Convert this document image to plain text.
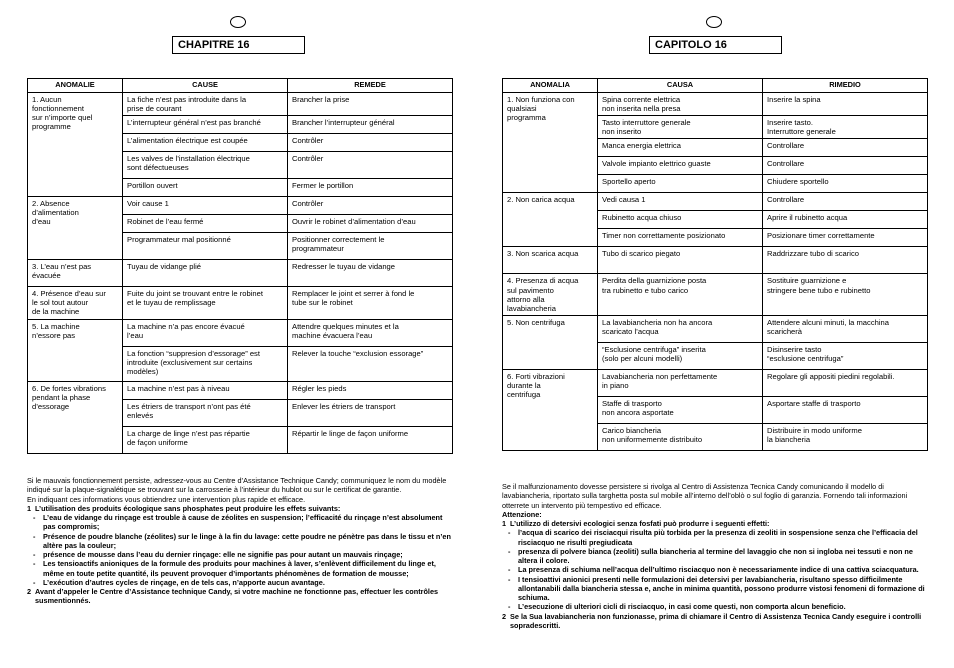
CHAPITRE 16
ANOMALIE	CAUSE	REMEDE

1. Aucun
fonctionnement
sur n’importe quel
programme	La fiche n’est pas introduite dans la
prise de courant	Brancher la prise

	L’interrupteur général n’est pas branché	Brancher l’interrupteur général

	L’alimentation électrique est coupée	Contrôler

	Les valves de l’installation électrique
sont défectueuses	Contrôler

	Portillon ouvert	Fermer le portillon

2. Absence
d’alimentation
d’eau	Voir cause 1	Contrôler

	Robinet de l’eau fermé	Ouvrir le robinet d’alimentation d’eau

	Programmateur mal positionné	Positionner correctement le
programmateur

3. L’eau n’est pas
évacuée	Tuyau de vidange plié	Redresser le tuyau de vidange

4. Présence d’eau sur
le sol tout autour
de la machine	Fuite du joint se trouvant entre le robinet
et le tuyau de remplissage	Remplacer le joint et serrer à fond le
tube sur le robinet

5. La machine
n’essore pas	La machine n’a pas encore évacué
l’eau	Attendre quelques minutes et la
machine évacuera l’eau

	La fonction “suppresion d’essorage” est
introduite (exclusivement sur certains
modèles)	Relever la touche “exclusion essorage”

6. De fortes vibrations
pendant la phase
d’essorage	La machine n’est pas à niveau	Régler les pieds

	Les étriers de transport n’ont pas été
enlevés	Enlever les étriers de transport

	La charge de linge n’est pas répartie
de façon uniforme	Répartir le linge de façon uniforme

Si le mauvais fonctionnement persiste, adressez-vous au Centre d’Assistance Technique Candy; communiquez le nom du modèle indiqué sur la plaque-signalétique se trouvant sur la carrosserie à l’intérieur du hublot ou sur le certificat de garantie.

En indiquant ces informations vous obtiendrez une intervention plus rapide et efficace.

1 L’utilisation des produits écologique sans phosphates peut produire les effets suivants:
-	L’eau de vidange du rinçage est trouble à cause de zéolites en suspension; l’efficacité du rinçage n’est absolument pas compromis;
-	Présence de poudre blanche (zéolites) sur le linge à la fin du lavage: cette poudre ne pénètre pas dans le tissu et n’en altère pas la couleur;
-	présence de mousse dans l’eau du dernier rinçage: elle ne signifie pas pour autant un mauvais rinçage;
-	Les tensioactifs anioniques de la formule des produits pour machines à laver, s’enlèvent difficilement du linge et, même en toute petite quantité, ils peuvent provoquer d’importants phénomènes de formation de mousse;
-	L’exécution d’autres cycles de rinçage, en de tels cas, n’apporte aucun avantage.
2 Avant d’appeler le Centre d’Assistance technique Candy, si votre machine ne fonctionne pas, effectuer les contrôles susmentionnés.
CAPITOLO 16
ANOMALIA	CAUSA	RIMEDIO

1. Non funziona con
qualsiasi
programma	Spina corrente elettrica
non inserita nella presa	Inserire la spina

	Tasto interruttore generale
non inserito	Inserire tasto.
Interruttore generale

	Manca energia elettrica	Controllare

	Valvole impianto elettrico guaste	Controllare

	Sportello aperto	Chiudere sportello

2. Non carica acqua	Vedi causa 1	Controllare

	Rubinetto acqua chiuso	Aprire il rubinetto acqua

	Timer non correttamente posizionato	Posizionare timer correttamente

3. Non scarica acqua	Tubo di scarico piegato	Raddrizzare tubo di scarico

4. Presenza di acqua
sul pavimento
attorno alla
lavabiancheria	Perdita della guarnizione posta
tra rubinetto e tubo carico	Sostituire guarnizione e
stringere bene tubo e rubinetto

5. Non centrifuga	La lavabiancheria non ha ancora
scaricato l’acqua	Attendere alcuni minuti, la macchina
scaricherà

	“Esclusione centrifuga” inserita
(solo per alcuni modelli)	Disinserire tasto
“esclusione centrifuga”

6. Forti vibrazioni
durante la
centrifuga	Lavabiancheria non perfettamente
in piano	Regolare gli appositi piedini regolabili.

	Staffe di trasporto
non ancora asportate	Asportare staffe di trasporto

	Carico biancheria
non uniformemente distribuito	Distribuire in modo uniforme
la biancheria

Se il malfunzionamento dovesse persistere si rivolga al Centro di Assistenza Tecnica Candy comunicando il modello di lavabiancheria, riportato sulla targhetta posta sul mobile all’interno dell’oblò o sul foglio di garanzia. Fornendo tali informazioni otterrete un intervento più tempestivo ed efficace.

Attenzione:

1 L’utilizzo di detersivi ecologici senza fosfati può produrre i seguenti effetti:
-	l’acqua di scarico dei risciacqui risulta più torbida per la presenza di zeoliti in sospensione senza che l’efficacia del risciacquo ne risulti pregiudicata
-	presenza di polvere bianca (zeoliti) sulla biancheria al termine del lavaggio che non si ingloba nei tessuti e non ne altera il colore.
-	La presenza di schiuma nell’acqua dell’ultimo risciacquo non è necessariamente indice di una cattiva sciacquatura.
-	I tensioattivi anionici presenti nelle formulazioni dei detersivi per lavabiancheria, risultano spesso difficilmente allontanabili dalla biancheria stessa e, anche in minima quantità, possono produrre vistosi fenomeni di formazione di schiuma.
-	L’esecuzione di ulteriori cicli di risciacquo, in casi come questi, non comporta alcun beneficio.
2 Se la Sua lavabiancheria non funzionasse, prima di chiamare il Centro di Assistenza Tecnica Candy eseguire i controlli sopradescritti.
